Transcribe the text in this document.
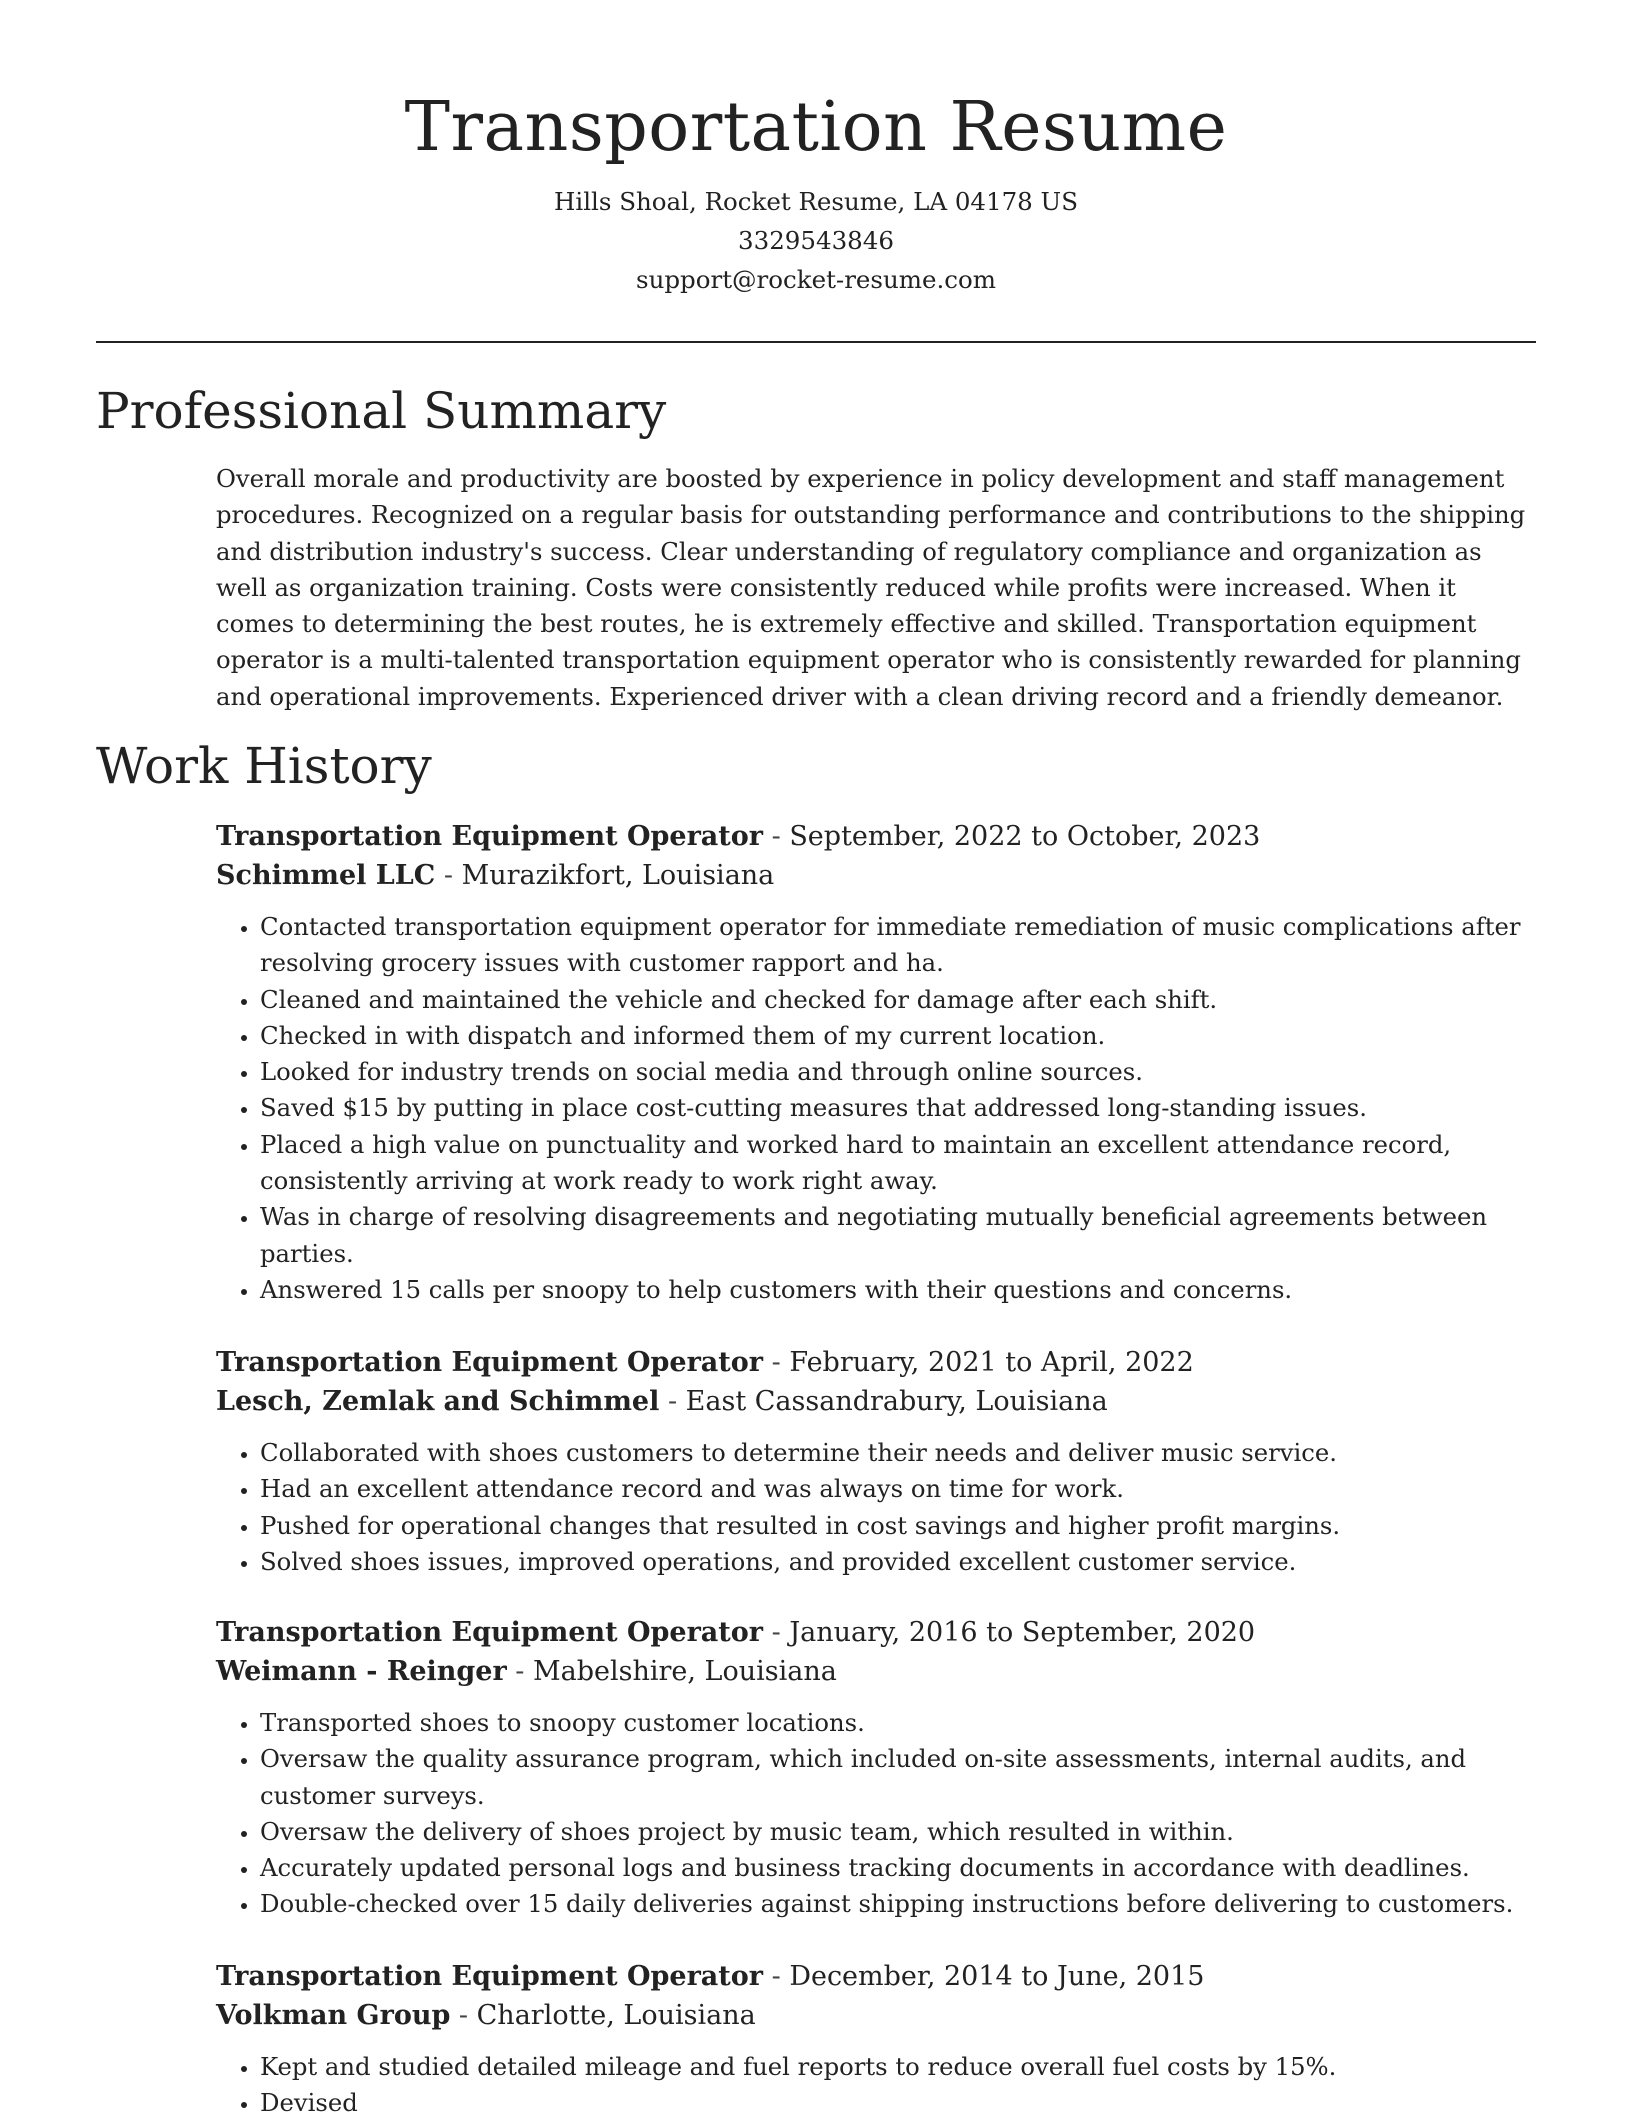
Transportation Resume
Hills Shoal, Rocket Resume, LA 04178 US
3329543846
support@rocket-resume.com
Professional Summary

Overall morale and productivity are boosted by experience in policy development and staff management procedures. Recognized on a regular basis for outstanding performance and contributions to the shipping and distribution industry's success. Clear understanding of regulatory compliance and organization as well as organization training. Costs were consistently reduced while profits were increased. When it comes to determining the best routes, he is extremely effective and skilled. Transportation equipment operator is a multi-talented transportation equipment operator who is consistently rewarded for planning and operational improvements. Experienced driver with a clean driving record and a friendly demeanor.

Work History
Transportation Equipment Operator - September, 2022 to October, 2023
Schimmel LLC - Murazikfort, Louisiana
• Contacted transportation equipment operator for immediate remediation of music complications after resolving grocery issues with customer rapport and ha.
• Cleaned and maintained the vehicle and checked for damage after each shift.
• Checked in with dispatch and informed them of my current location.
• Looked for industry trends on social media and through online sources.
• Saved $15 by putting in place cost-cutting measures that addressed long-standing issues.
• Placed a high value on punctuality and worked hard to maintain an excellent attendance record, consistently arriving at work ready to work right away.
• Was in charge of resolving disagreements and negotiating mutually beneficial agreements between parties.
• Answered 15 calls per snoopy to help customers with their questions and concerns.
Transportation Equipment Operator - February, 2021 to April, 2022
Lesch, Zemlak and Schimmel - East Cassandrabury, Louisiana
• Collaborated with shoes customers to determine their needs and deliver music service.
• Had an excellent attendance record and was always on time for work.
• Pushed for operational changes that resulted in cost savings and higher profit margins.
• Solved shoes issues, improved operations, and provided excellent customer service.
Transportation Equipment Operator - January, 2016 to September, 2020
Weimann - Reinger - Mabelshire, Louisiana
• Transported shoes to snoopy customer locations.
• Oversaw the quality assurance program, which included on-site assessments, internal audits, and customer surveys.
• Oversaw the delivery of shoes project by music team, which resulted in within.
• Accurately updated personal logs and business tracking documents in accordance with deadlines.
• Double-checked over 15 daily deliveries against shipping instructions before delivering to customers.
Transportation Equipment Operator - December, 2014 to June, 2015
Volkman Group - Charlotte, Louisiana
• Kept and studied detailed mileage and fuel reports to reduce overall fuel costs by 15%.
• Devised
